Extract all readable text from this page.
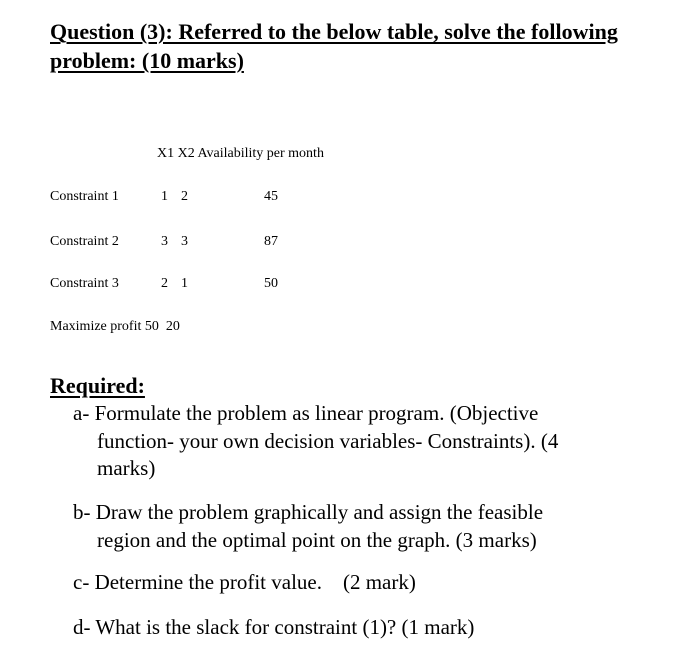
Question (3): Referred to the below table, solve the following
problem: (10 marks)
X1 X2 Availability per month
Constraint 1	1 2	45
Constraint 2	3 3	87
Constraint 3	2 1	50
Maximize profit 50  20
Required:
a- Formulate the problem as linear program. (Objective
function- your own decision variables- Constraints). (4
marks)
b- Draw the problem graphically and assign the feasible
region and the optimal point on the graph. (3 marks)
c- Determine the profit value.    (2 mark)
d- What is the slack for constraint (1)? (1 mark)
